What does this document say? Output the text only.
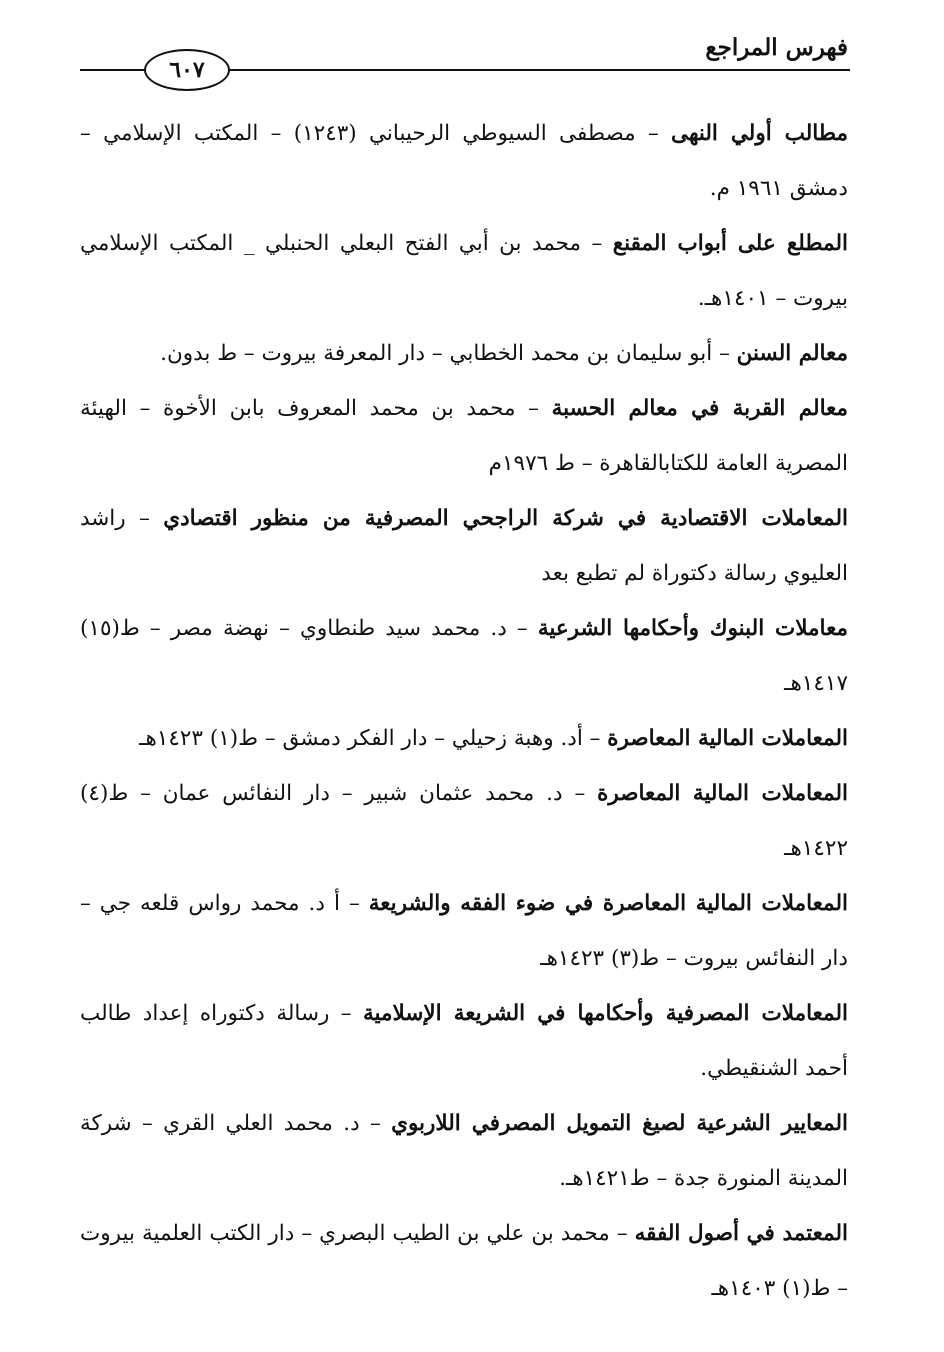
فهرس المراجع
٦٠٧

مطالب أولي النهى – مصطفى السيوطي الرحيباني (١٢٤٣) – المكتب الإسلامي – دمشق ١٩٦١ م.

المطلع على أبواب المقنع – محمد بن أبي الفتح البعلي الحنبلي _ المكتب الإسلامي بيروت – ١٤٠١هـ.

معالم السنن – أبو سليمان بن محمد الخطابي – دار المعرفة بيروت – ط بدون.

معالم القربة في معالم الحسبة – محمد بن محمد المعروف بابن الأخوة – الهيئة المصرية العامة للكتابالقاهرة – ط ١٩٧٦م

المعاملات الاقتصادية في شركة الراجحي المصرفية من منظور اقتصادي – راشد العليوي رسالة دكتوراة لم تطبع بعد

معاملات البنوك وأحكامها الشرعية – د. محمد سيد طنطاوي – نهضة مصر – ط(١٥) ١٤١٧هـ

المعاملات المالية المعاصرة – أد. وهبة زحيلي – دار الفكر دمشق – ط(١) ١٤٢٣هـ

المعاملات المالية المعاصرة – د. محمد عثمان شبير – دار النفائس عمان – ط(٤) ١٤٢٢هـ

المعاملات المالية المعاصرة في ضوء الفقه والشريعة – أ د. محمد رواس قلعه جي – دار النفائس بيروت – ط(٣) ١٤٢٣هـ

المعاملات المصرفية وأحكامها في الشريعة الإسلامية – رسالة دكتوراه إعداد طالب أحمد الشنقيطي.

المعايير الشرعية لصيغ التمويل المصرفي اللاربوي – د. محمد العلي القري – شركة المدينة المنورة جدة – ط١٤٢١هـ.

المعتمد في أصول الفقه – محمد بن علي بن الطيب البصري – دار الكتب العلمية بيروت – ط(١) ١٤٠٣هـ
